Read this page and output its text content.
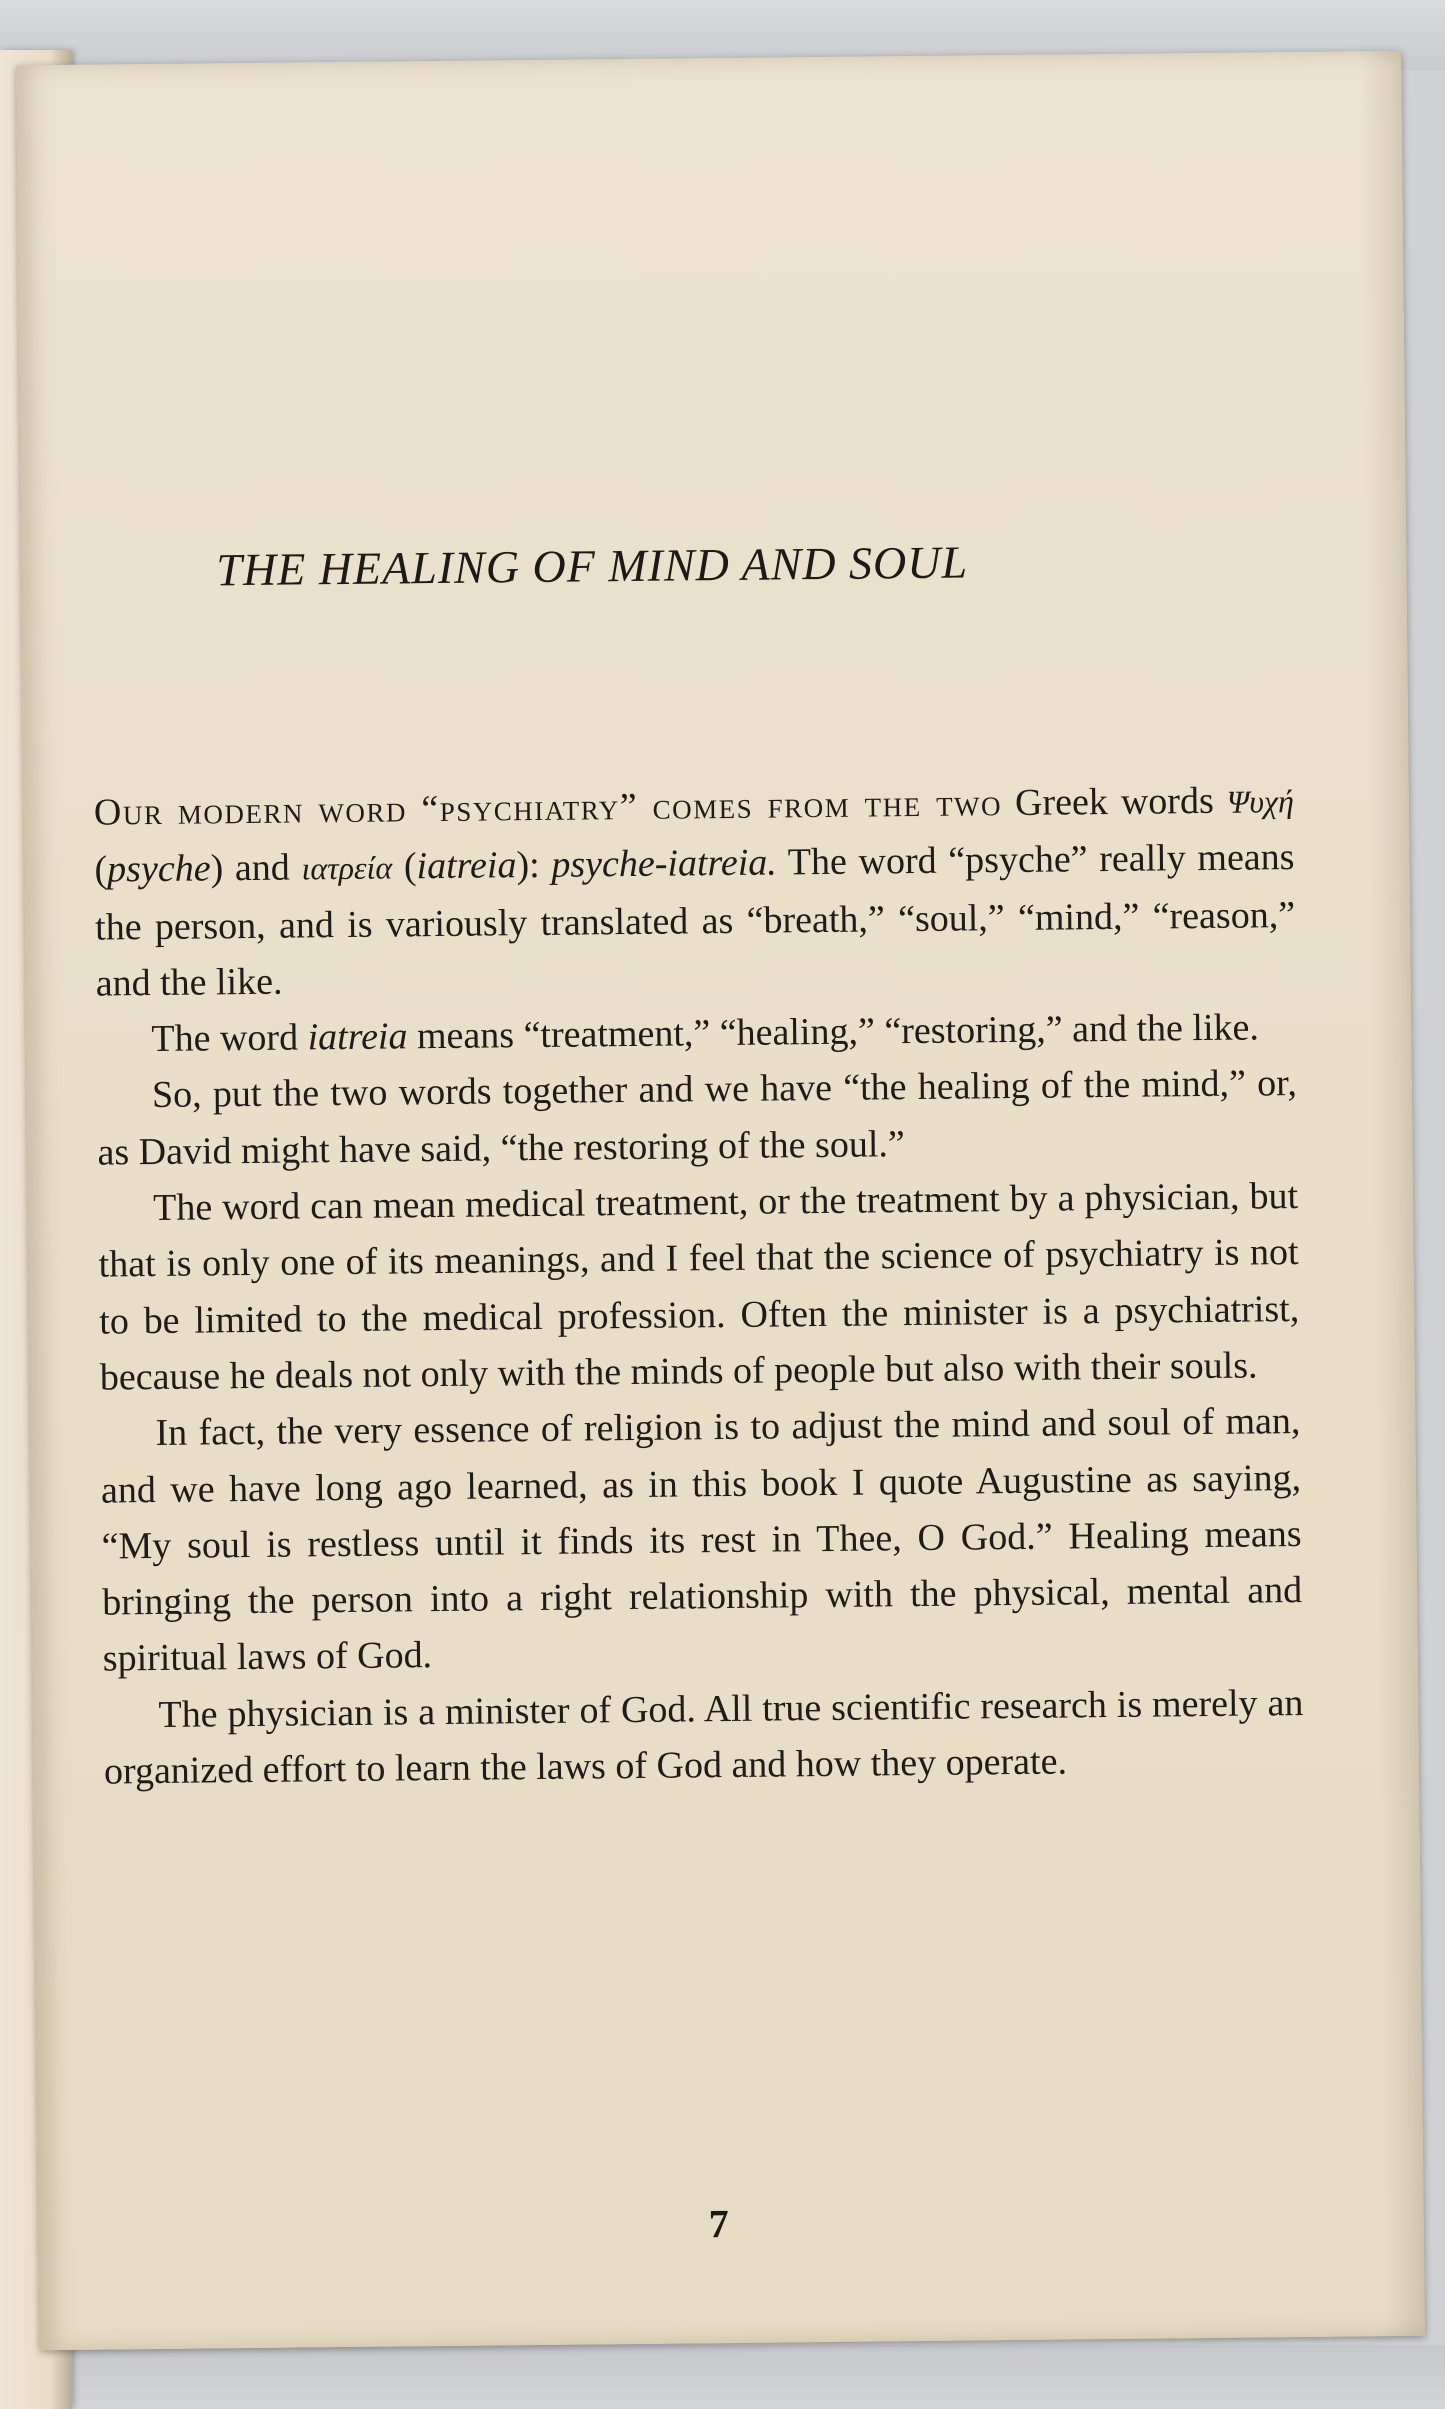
THE HEALING OF MIND AND SOUL

Our modern word “psychiatry” comes from the two Greek words Ψυχή (psyche) and ιατρεία (iatreia): psyche-iatreia. The word “psyche” really means the person, and is variously translated as “breath,” “soul,” “mind,” “reason,” and the like.

The word iatreia means “treatment,” “healing,” “restoring,” and the like.

So, put the two words together and we have “the healing of the mind,” or, as David might have said, “the restoring of the soul.”

The word can mean medical treatment, or the treatment by a physician, but that is only one of its meanings, and I feel that the science of psychiatry is not to be limited to the medical profession. Often the minister is a psychiatrist, because he deals not only with the minds of people but also with their souls.

In fact, the very essence of religion is to adjust the mind and soul of man, and we have long ago learned, as in this book I quote Augustine as saying, “My soul is restless until it finds its rest in Thee, O God.” Healing means bringing the person into a right relationship with the physical, mental and spiritual laws of God.

The physician is a minister of God. All true scientific research is merely an organized effort to learn the laws of God and how they operate.

7
